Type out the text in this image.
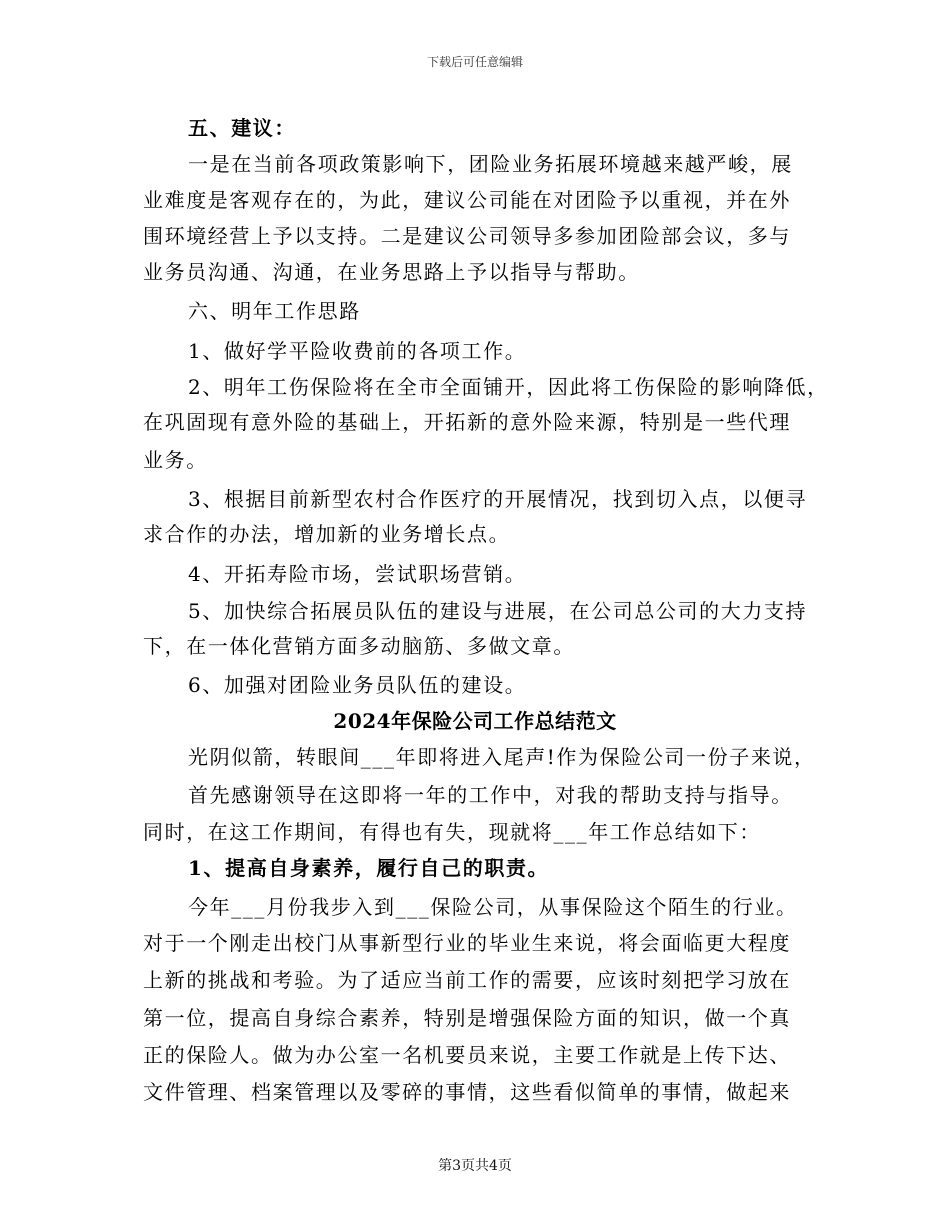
下载后可任意编辑
五、建议：
一是在当前各项政策影响下，团险业务拓展环境越来越严峻，展
业难度是客观存在的，为此，建议公司能在对团险予以重视，并在外
围环境经营上予以支持。二是建议公司领导多参加团险部会议，多与
业务员沟通、沟通，在业务思路上予以指导与帮助。
六、明年工作思路
1、做好学平险收费前的各项工作。
2、明年工伤保险将在全市全面铺开，因此将工伤保险的影响降低，
在巩固现有意外险的基础上，开拓新的意外险来源，特别是一些代理
业务。
3、根据目前新型农村合作医疗的开展情况，找到切入点，以便寻
求合作的办法，增加新的业务增长点。
4、开拓寿险市场，尝试职场营销。
5、加快综合拓展员队伍的建设与进展，在公司总公司的大力支持
下，在一体化营销方面多动脑筋、多做文章。
6、加强对团险业务员队伍的建设。
2024年保险公司工作总结范文
光阴似箭，转眼间___年即将进入尾声!作为保险公司一份子来说，
首先感谢领导在这即将一年的工作中，对我的帮助支持与指导。
同时，在这工作期间，有得也有失，现就将___年工作总结如下：
1、提高自身素养，履行自己的职责。
今年___月份我步入到___保险公司，从事保险这个陌生的行业。
对于一个刚走出校门从事新型行业的毕业生来说，将会面临更大程度
上新的挑战和考验。为了适应当前工作的需要，应该时刻把学习放在
第一位，提高自身综合素养，特别是增强保险方面的知识，做一个真
正的保险人。做为办公室一名机要员来说，主要工作就是上传下达、
文件管理、档案管理以及零碎的事情，这些看似简单的事情，做起来
第3页共4页
